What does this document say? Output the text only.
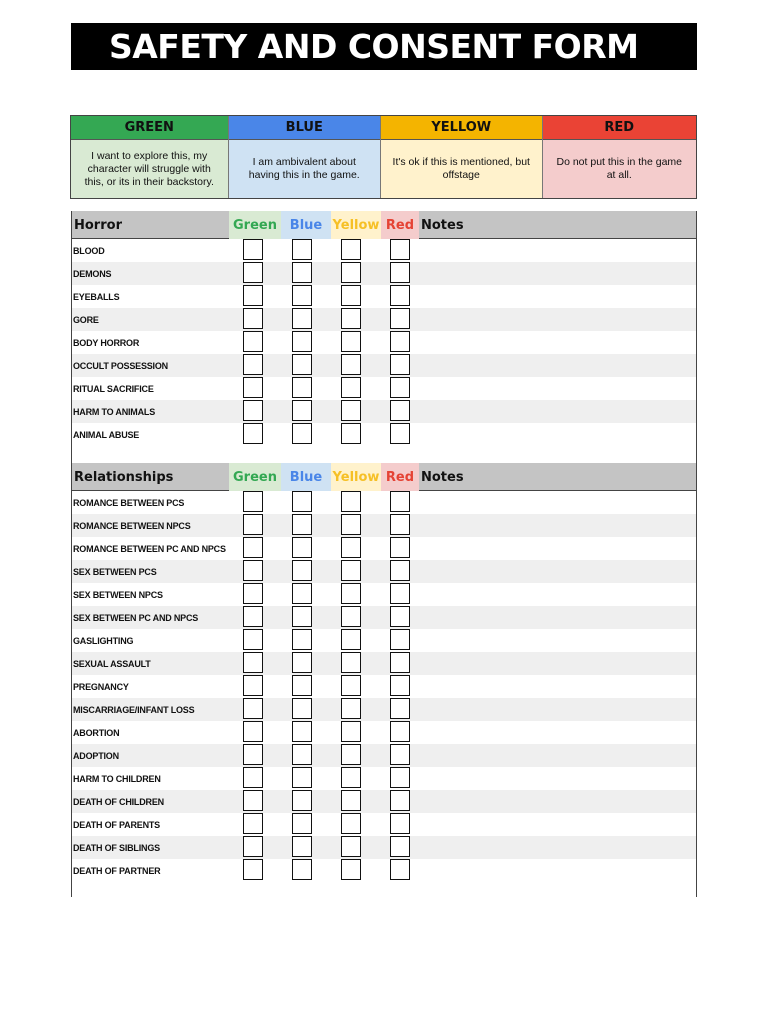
SAFETY AND CONSENT FORM
GREEN
I want to explore this, my character will struggle with this, or its in their backstory.
BLUE
I am ambivalent about having this in the game.
YELLOW
It's ok if this is mentioned, but offstage
RED
Do not put this in the game at all.
Horror	Green Blue Yellow Red Notes
BLOOD
DEMONS
EYEBALLS
GORE
BODY HORROR
OCCULT POSSESSION
RITUAL SACRIFICE
HARM TO ANIMALS
ANIMAL ABUSE
Relationships	Green Blue Yellow Red Notes
ROMANCE BETWEEN PCS
ROMANCE BETWEEN NPCS
ROMANCE BETWEEN PC AND NPCS
SEX BETWEEN PCS
SEX BETWEEN NPCS
SEX BETWEEN PC AND NPCS
GASLIGHTING
SEXUAL ASSAULT
PREGNANCY
MISCARRIAGE/INFANT LOSS
ABORTION
ADOPTION
HARM TO CHILDREN
DEATH OF CHILDREN
DEATH OF PARENTS
DEATH OF SIBLINGS
DEATH OF PARTNER
